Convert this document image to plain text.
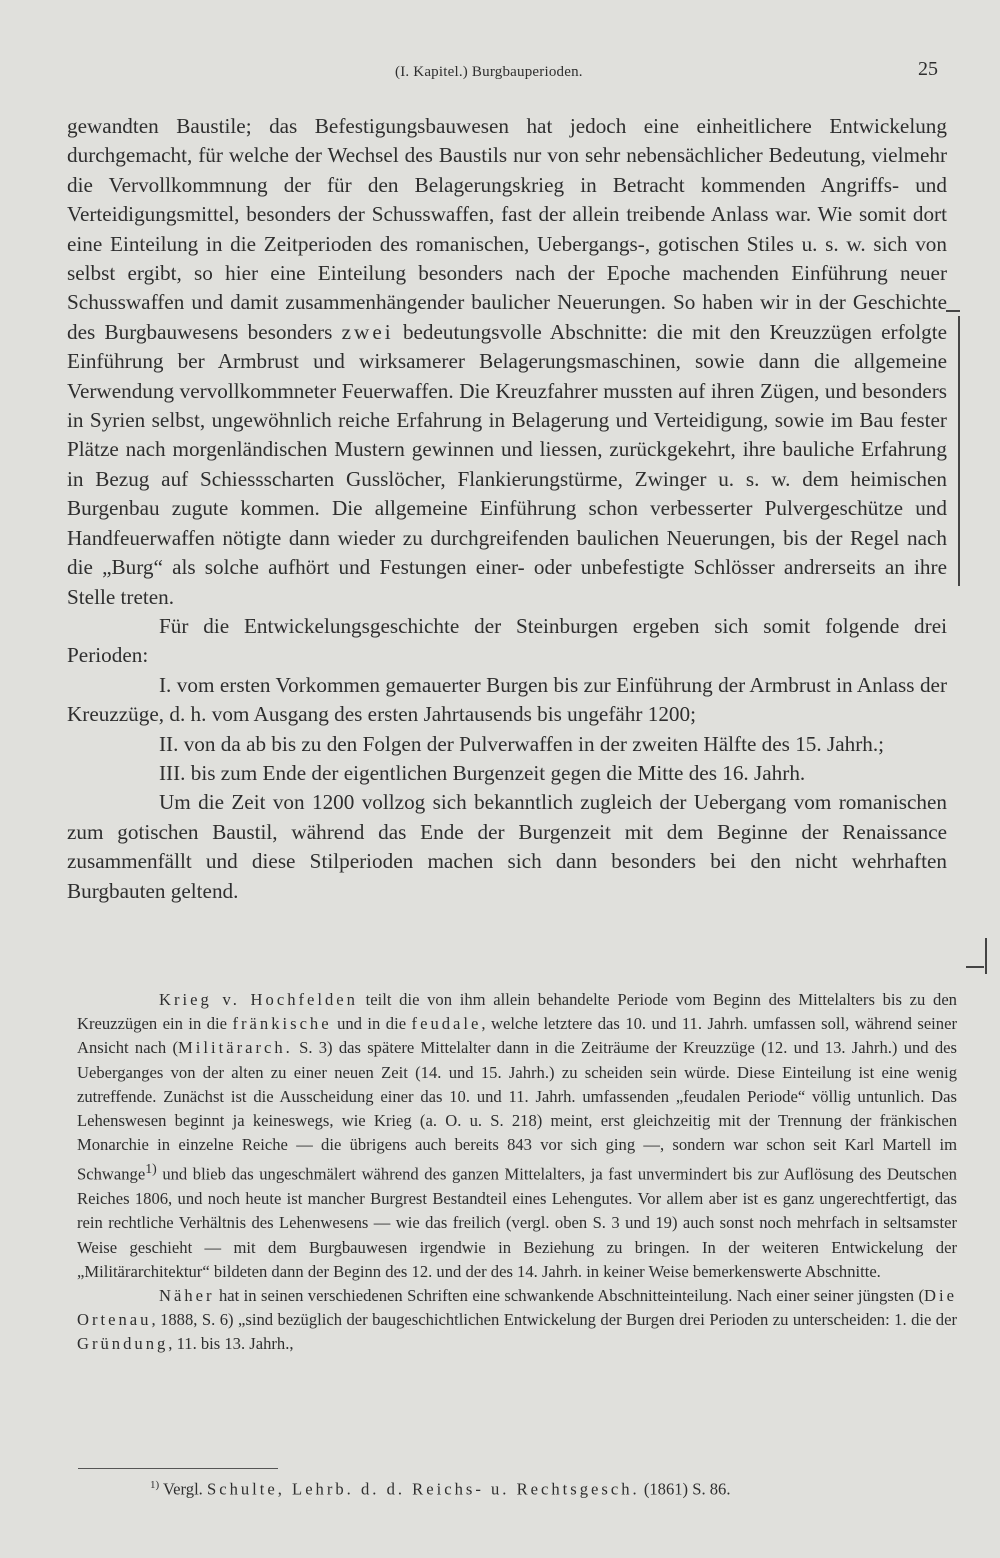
(I. Kapitel.) Burgbauperioden.	25

gewandten Baustile; das Befestigungsbauwesen hat jedoch eine einheitlichere Entwickelung durchgemacht, für welche der Wechsel des Baustils nur von sehr nebensächlicher Bedeutung, vielmehr die Vervollkommnung der für den Belagerungskrieg in Betracht kommenden Angriffs- und Verteidigungsmittel, besonders der Schusswaffen, fast der allein treibende Anlass war. Wie somit dort eine Einteilung in die Zeitperioden des romanischen, Uebergangs-, gotischen Stiles u. s. w. sich von selbst ergibt, so hier eine Einteilung besonders nach der Epoche machenden Einführung neuer Schusswaffen und damit zusammenhängender baulicher Neuerungen. So haben wir in der Geschichte des Burgbauwesens besonders zwei bedeutungsvolle Abschnitte: die mit den Kreuzzügen erfolgte Einführung ber Armbrust und wirksamerer Belagerungsmaschinen, sowie dann die allgemeine Verwendung vervollkommneter Feuerwaffen. Die Kreuzfahrer mussten auf ihren Zügen, und besonders in Syrien selbst, ungewöhnlich reiche Erfahrung in Belagerung und Verteidigung, sowie im Bau fester Plätze nach morgenländischen Mustern gewinnen und liessen, zurückgekehrt, ihre bauliche Erfahrung in Bezug auf Schiessscharten Gusslöcher, Flankierungstürme, Zwinger u. s. w. dem heimischen Burgenbau zugute kommen. Die allgemeine Einführung schon verbesserter Pulvergeschütze und Handfeuerwaffen nötigte dann wieder zu durchgreifenden baulichen Neuerungen, bis der Regel nach die „Burg“ als solche aufhört und Festungen einer- oder unbefestigte Schlösser andrerseits an ihre Stelle treten.

Für die Entwickelungsgeschichte der Steinburgen ergeben sich somit folgende drei Perioden:

I. vom ersten Vorkommen gemauerter Burgen bis zur Einführung der Armbrust in Anlass der Kreuzzüge, d. h. vom Ausgang des ersten Jahrtausends bis ungefähr 1200;

II. von da ab bis zu den Folgen der Pulverwaffen in der zweiten Hälfte des 15. Jahrh.;

III. bis zum Ende der eigentlichen Burgenzeit gegen die Mitte des 16. Jahrh.

Um die Zeit von 1200 vollzog sich bekanntlich zugleich der Uebergang vom romanischen zum gotischen Baustil, während das Ende der Burgenzeit mit dem Beginne der Renaissance zusammenfällt und diese Stilperioden machen sich dann besonders bei den nicht wehrhaften Burgbauten geltend.

Krieg v. Hochfelden teilt die von ihm allein behandelte Periode vom Beginn des Mittelalters bis zu den Kreuzzügen ein in die fränkische und in die feudale, welche letztere das 10. und 11. Jahrh. umfassen soll, während seiner Ansicht nach (Militärarch. S. 3) das spätere Mittelalter dann in die Zeiträume der Kreuzzüge (12. und 13. Jahrh.) und des Ueberganges von der alten zu einer neuen Zeit (14. und 15. Jahrh.) zu scheiden sein würde. Diese Einteilung ist eine wenig zutreffende. Zunächst ist die Ausscheidung einer das 10. und 11. Jahrh. umfassenden „feudalen Periode“ völlig untunlich. Das Lehenswesen beginnt ja keineswegs, wie Krieg (a. O. u. S. 218) meint, erst gleichzeitig mit der Trennung der fränkischen Monarchie in einzelne Reiche — die übrigens auch bereits 843 vor sich ging —, sondern war schon seit Karl Martell im Schwange$^{1)}$ und blieb das ungeschmälert während des ganzen Mittelalters, ja fast unvermindert bis zur Auflösung des Deutschen Reiches 1806, und noch heute ist mancher Burgrest Bestandteil eines Lehengutes. Vor allem aber ist es ganz ungerechtfertigt, das rein rechtliche Verhältnis des Lehenwesens — wie das freilich (vergl. oben S. 3 und 19) auch sonst noch mehrfach in seltsamster Weise geschieht — mit dem Burgbauwesen irgendwie in Beziehung zu bringen. In der weiteren Entwickelung der „Militärarchitektur“ bildeten dann der Beginn des 12. und der des 14. Jahrh. in keiner Weise bemerkenswerte Abschnitte.

Näher hat in seinen verschiedenen Schriften eine schwankende Abschnitteinteilung. Nach einer seiner jüngsten (Die Ortenau, 1888, S. 6) „sind bezüglich der baugeschichtlichen Entwickelung der Burgen drei Perioden zu unterscheiden: 1. die der Gründung, 11. bis 13. Jahrh.,

$^{1)}$ Vergl. Schulte, Lehrb. d. d. Reichs- u. Rechtsgesch. (1861) S. 86.
